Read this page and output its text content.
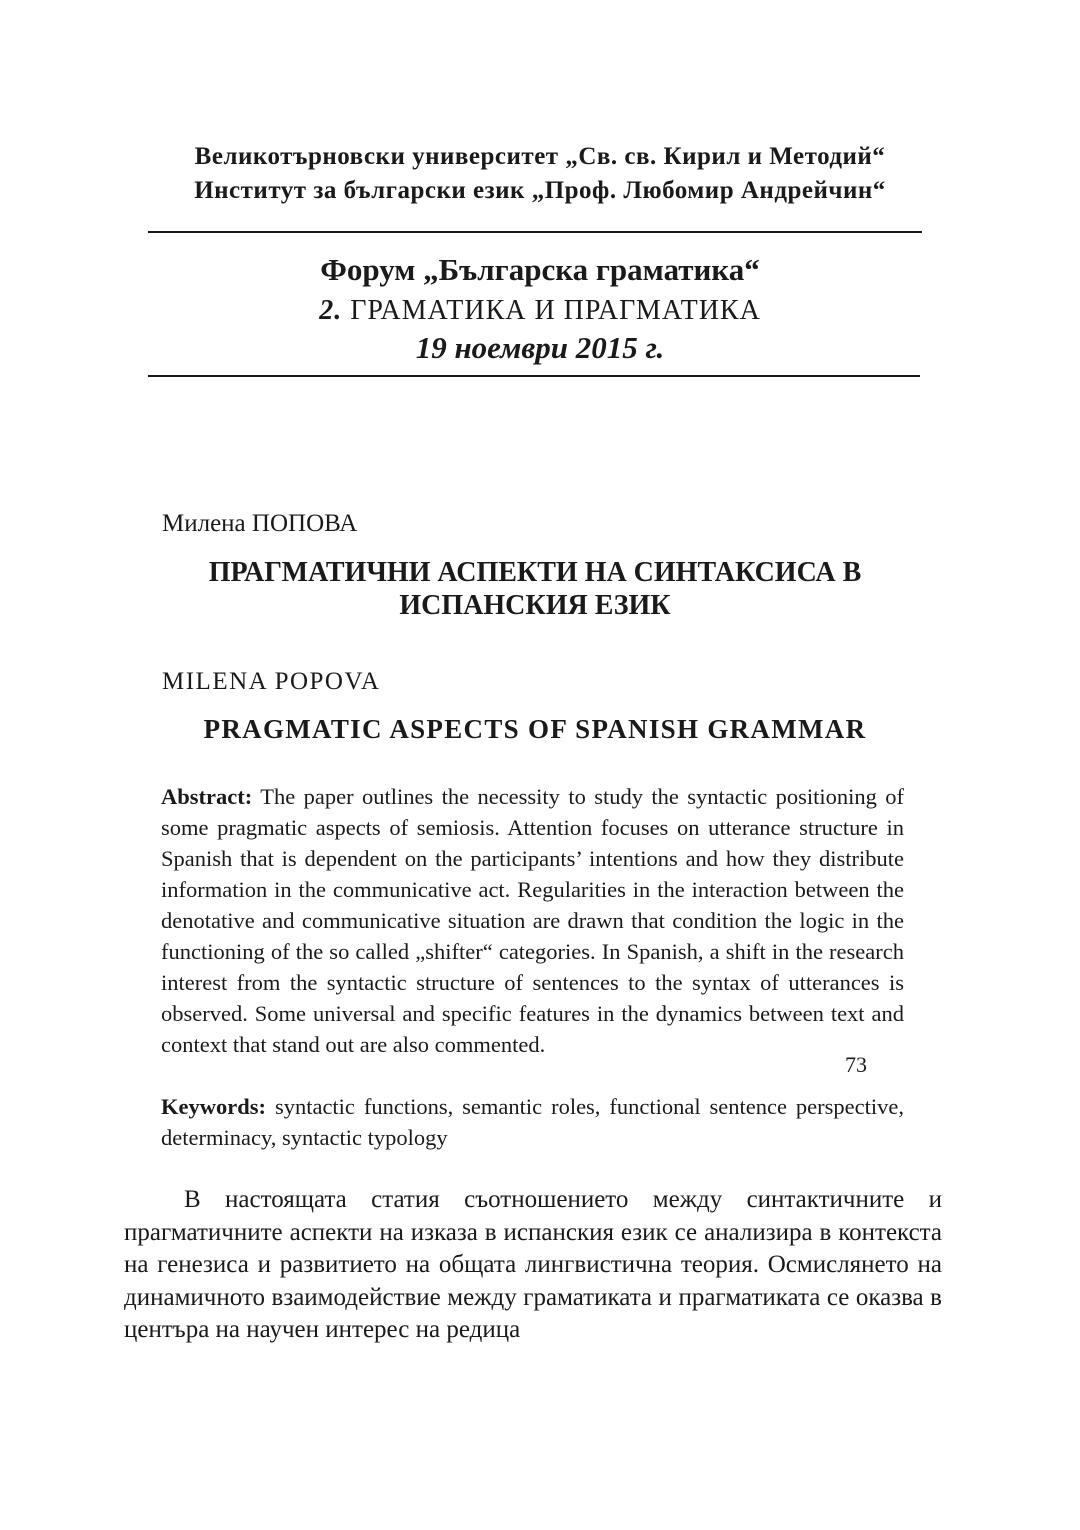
Великотърновски университет „Св. св. Кирил и Методий“
Институт за български език „Проф. Любомир Андрейчин“
Форум „Българска граматика“
2. ГРАМАТИКА И ПРАГМАТИКА
19 ноември 2015 г.
Милена ПОПОВА
ПРАГМАТИЧНИ АСПЕКТИ НА СИНТАКСИСА В ИСПАНСКИЯ ЕЗИК
MILENA POPOVA
PRAGMATIC ASPECTS OF SPANISH GRAMMAR
Abstract: The paper outlines the necessity to study the syntactic positioning of some pragmatic aspects of semiosis. Attention focuses on utterance structure in Spanish that is dependent on the participants’ intentions and how they distribute information in the communicative act. Regularities in the interaction between the denotative and communicative situation are drawn that condition the logic in the functioning of the so called „shifter“ categories. In Spanish, a shift in the research interest from the syntactic structure of sentences to the syntax of utterances is observed. Some universal and specific features in the dynamics between text and context that stand out are also commented.
Keywords: syntactic functions, semantic roles, functional sentence perspective, determinacy, syntactic typology
В настоящата статия съотношението между синтактичните и прагматичните аспекти на изказа в испанския език се анализира в контекста на генезиса и развитието на общата лингвистична теория. Осмислянето на динамичното взаимодействие между граматиката и прагматиката се оказва в центъра на научен интерес на редица
73
